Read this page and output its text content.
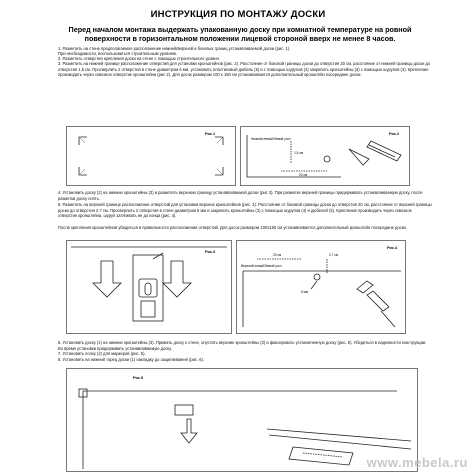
ИНСТРУКЦИЯ ПО МОНТАЖУ ДОСКИ
Перед началом монтажа выдержать упакованную доску при комнатной температуре на ровной поверхности в горизонтальном положении лицевой стороной вверх не менее 8 часов.
1. Разметить на стене предполагаемое расположение нижней/верхней и боковых границ устанавливаемой доски (рис. 1).
При необходимости, воспользоваться строительным уровнем.
2. Разметить отверстия крепления доски на стене с помощью строительного уровня.
3. Разметить на нижней границе расположение отверстий для установки кронштейнов (рис. 2). Расстояние от боковой границы доски до отверстия 20 см, расстояние от нижней границы доски до отверстия 1,5 см. Просверлить 2 отверстия в стене диаметром 6 мм, установить пластиковый дюбель (5) и с помощью шурупов (4) закрепить кронштейны (3) с помощью шурупов (4). Крепление производить через сквозное отверстие кронштейна (рис 2). Для досок размером 100 х 150 см устанавливается дополнительный кронштейн посередине доски.
Рис.1	Рис.2
Нижний левый/Левый угол
1,5 см
20 см
4. Установить доску (2) на нижние кронштейны (3) и разметить верхнюю границу устанавливаемой доски (рис 3). При разметке верхней границы придерживать устанавливаемую доску, после разметки доску снять.
5. Разметить на верхней границе расположение отверстий для установки верхних кронштейнов (рис. 3). Расстояние от боковой границы доски до отверстия 20 см, расстояние от верхней границы доски до отверстия 2,7 см. Просверлить 2 отверстия в стене диаметром 6 мм и закрепить кронштейны (3) с помощью шурупов (4) и дюбелей (5). Крепление производить через сквозное отверстие кронштейна, шуруп затягивать не до конца (рис. 4).
После крепления кронштейнов убедиться в правильности расположения отверстий. Для досок размером 100х150 см устанавливается дополнительный кронштейн посередине доски.
Рис.3
Рис.4
Верхний левый/Левый угол
20 см	2,7 см
6 мм
6. Установить доску (1) на нижние кронштейны (3). Прижать доску к стене, опустить верхние кронштейны (3) и фиксировать установленную доску (рис. 5). Убедиться в надежности конструкции. Во время установки придерживать устанавливаемую доску.
7. Установить полку (2) для маркеров (рис. 5).
8. Установить на нижний торец доски (1) накладку до защелкивания (рис. 6).
Рис.5
www.mebela.ru
